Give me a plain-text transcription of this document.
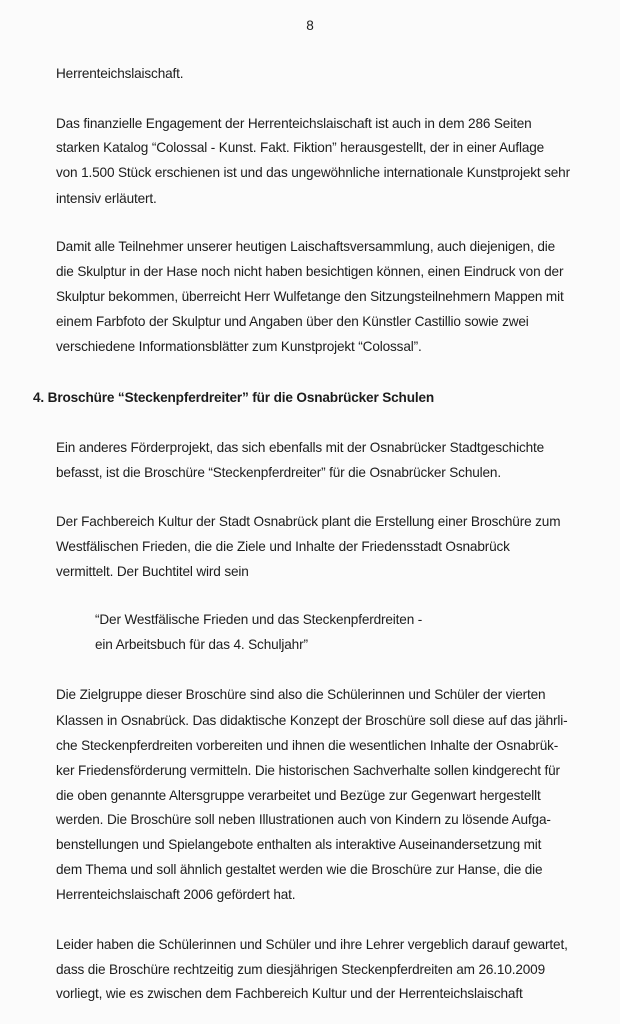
8
Herrenteichslaischaft.
Das finanzielle Engagement der Herrenteichslaischaft ist auch in dem 286 Seiten
starken Katalog “Colossal - Kunst. Fakt. Fiktion” herausgestellt, der in einer Auflage
von 1.500 Stück erschienen ist und das ungewöhnliche internationale Kunstprojekt sehr
intensiv erläutert.
Damit alle Teilnehmer unserer heutigen Laischaftsversammlung, auch diejenigen, die
die Skulptur in der Hase noch nicht haben besichtigen können, einen Eindruck von der
Skulptur bekommen, überreicht Herr Wulfetange den Sitzungsteilnehmern Mappen mit
einem Farbfoto der Skulptur und Angaben über den Künstler Castillio sowie zwei
verschiedene Informationsblätter zum Kunstprojekt “Colossal”.
4. Broschüre “Steckenpferdreiter” für die Osnabrücker Schulen
Ein anderes Förderprojekt, das sich ebenfalls mit der Osnabrücker Stadtgeschichte
befasst, ist die Broschüre “Steckenpferdreiter” für die Osnabrücker Schulen.
Der Fachbereich Kultur der Stadt Osnabrück plant die Erstellung einer Broschüre zum
Westfälischen Frieden, die die Ziele und Inhalte der Friedensstadt Osnabrück
vermittelt. Der Buchtitel wird sein
“Der Westfälische Frieden und das Steckenpferdreiten -
ein Arbeitsbuch für das 4. Schuljahr”
Die Zielgruppe dieser Broschüre sind also die Schülerinnen und Schüler der vierten
Klassen in Osnabrück. Das didaktische Konzept der Broschüre soll diese auf das jährli-
che Steckenpferdreiten vorbereiten und ihnen die wesentlichen Inhalte der Osnabrük-
ker Friedensförderung vermitteln. Die historischen Sachverhalte sollen kindgerecht für
die oben genannte Altersgruppe verarbeitet und Bezüge zur Gegenwart hergestellt
werden. Die Broschüre soll neben Illustrationen auch von Kindern zu lösende Aufga-
benstellungen und Spielangebote enthalten als interaktive Auseinandersetzung mit
dem Thema und soll ähnlich gestaltet werden wie die Broschüre zur Hanse, die die
Herrenteichslaischaft 2006 gefördert hat.
Leider haben die Schülerinnen und Schüler und ihre Lehrer vergeblich darauf gewartet,
dass die Broschüre rechtzeitig zum diesjährigen Steckenpferdreiten am 26.10.2009
vorliegt, wie es zwischen dem Fachbereich Kultur und der Herrenteichslaischaft
